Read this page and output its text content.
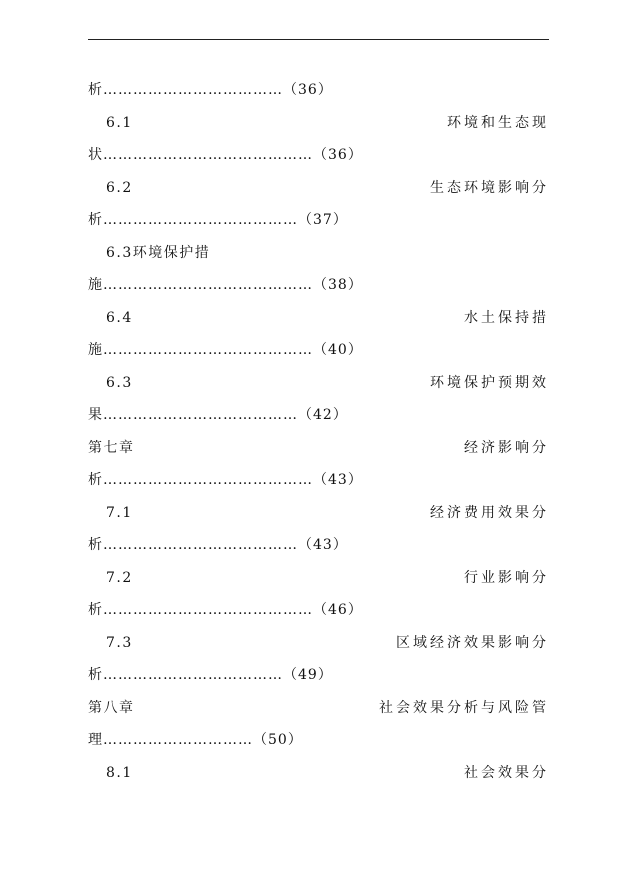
析………………………………（36）
6.1	环境和生态现
状……………………………………（36）
6.2	生态环境影响分
析…………………………………（37）
6.3环境保护措
施……………………………………（38）
6.4	水土保持措
施……………………………………（40）
6.3	环境保护预期效
果…………………………………（42）
第七章	经济影响分
析……………………………………（43）
7.1	经济费用效果分
析…………………………………（43）
7.2	行业影响分
析……………………………………（46）
7.3	区域经济效果影响分
析………………………………（49）
第八章	社会效果分析与风险管
理…………………………（50）
8.1	社会效果分
